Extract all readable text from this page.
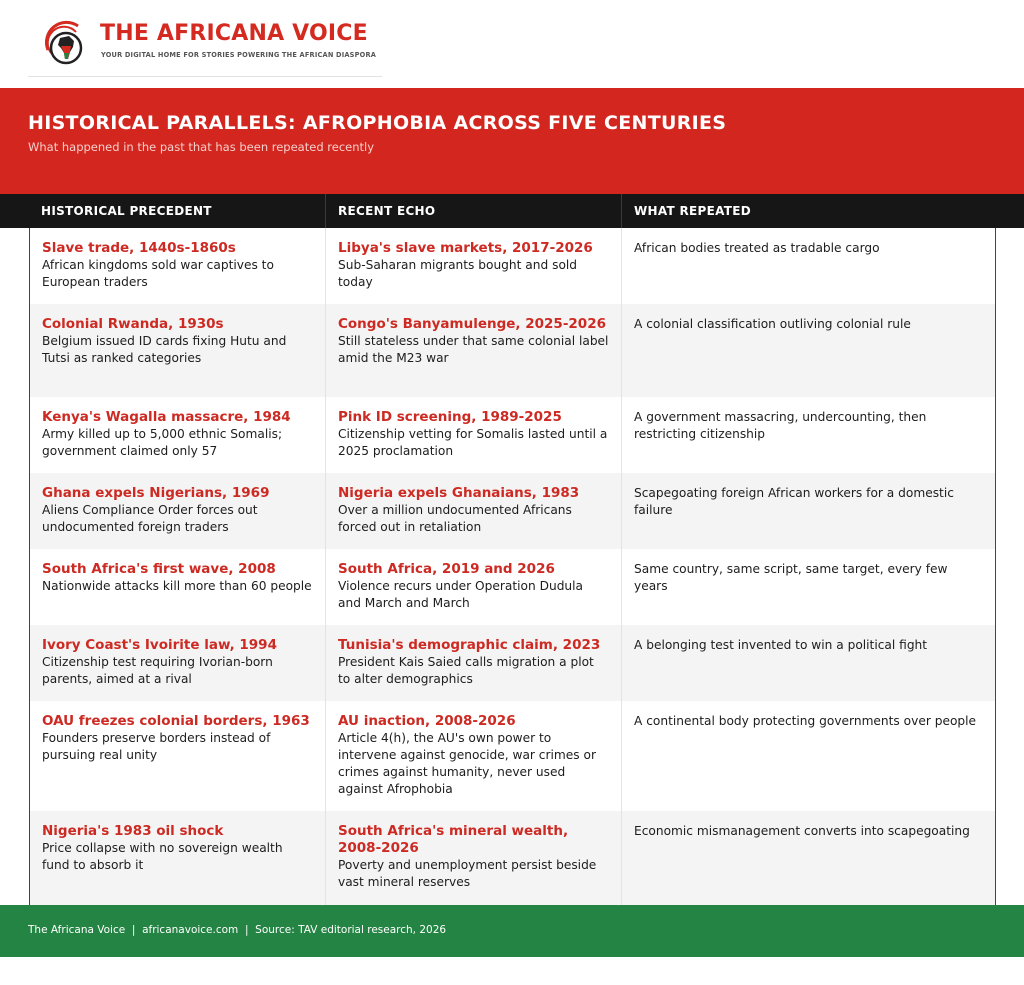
THE AFRICANA VOICE
YOUR DIGITAL HOME FOR STORIES POWERING THE AFRICAN DIASPORA
HISTORICAL PARALLELS: AFROPHOBIA ACROSS FIVE CENTURIES
What happened in the past that has been repeated recently
HISTORICAL PRECEDENT	RECENT ECHO	WHAT REPEATED
Slave trade, 1440s-1860s
African kingdoms sold war captives to European traders
Libya's slave markets, 2017-2026
Sub-Saharan migrants bought and sold today
African bodies treated as tradable cargo
Colonial Rwanda, 1930s
Belgium issued ID cards fixing Hutu and Tutsi as ranked categories
Congo's Banyamulenge, 2025-2026
Still stateless under that same colonial label amid the M23 war
A colonial classification outliving colonial rule
Kenya's Wagalla massacre, 1984
Army killed up to 5,000 ethnic Somalis; government claimed only 57
Pink ID screening, 1989-2025
Citizenship vetting for Somalis lasted until a 2025 proclamation
A government massacring, undercounting, then restricting citizenship
Ghana expels Nigerians, 1969
Aliens Compliance Order forces out undocumented foreign traders
Nigeria expels Ghanaians, 1983
Over a million undocumented Africans forced out in retaliation
Scapegoating foreign African workers for a domestic failure
South Africa's first wave, 2008
Nationwide attacks kill more than 60 people
South Africa, 2019 and 2026
Violence recurs under Operation Dudula and March and March
Same country, same script, same target, every few years
Ivory Coast's Ivoirite law, 1994
Citizenship test requiring Ivorian-born parents, aimed at a rival
Tunisia's demographic claim, 2023
President Kais Saied calls migration a plot to alter demographics
A belonging test invented to win a political fight
OAU freezes colonial borders, 1963
Founders preserve borders instead of pursuing real unity
AU inaction, 2008-2026
Article 4(h), the AU's own power to intervene against genocide, war crimes or crimes against humanity, never used against Afrophobia
A continental body protecting governments over people
Nigeria's 1983 oil shock
Price collapse with no sovereign wealth fund to absorb it
South Africa's mineral wealth, 2008-2026
Poverty and unemployment persist beside vast mineral reserves
Economic mismanagement converts into scapegoating
The Africana Voice  |  africanavoice.com  |  Source: TAV editorial research, 2026
